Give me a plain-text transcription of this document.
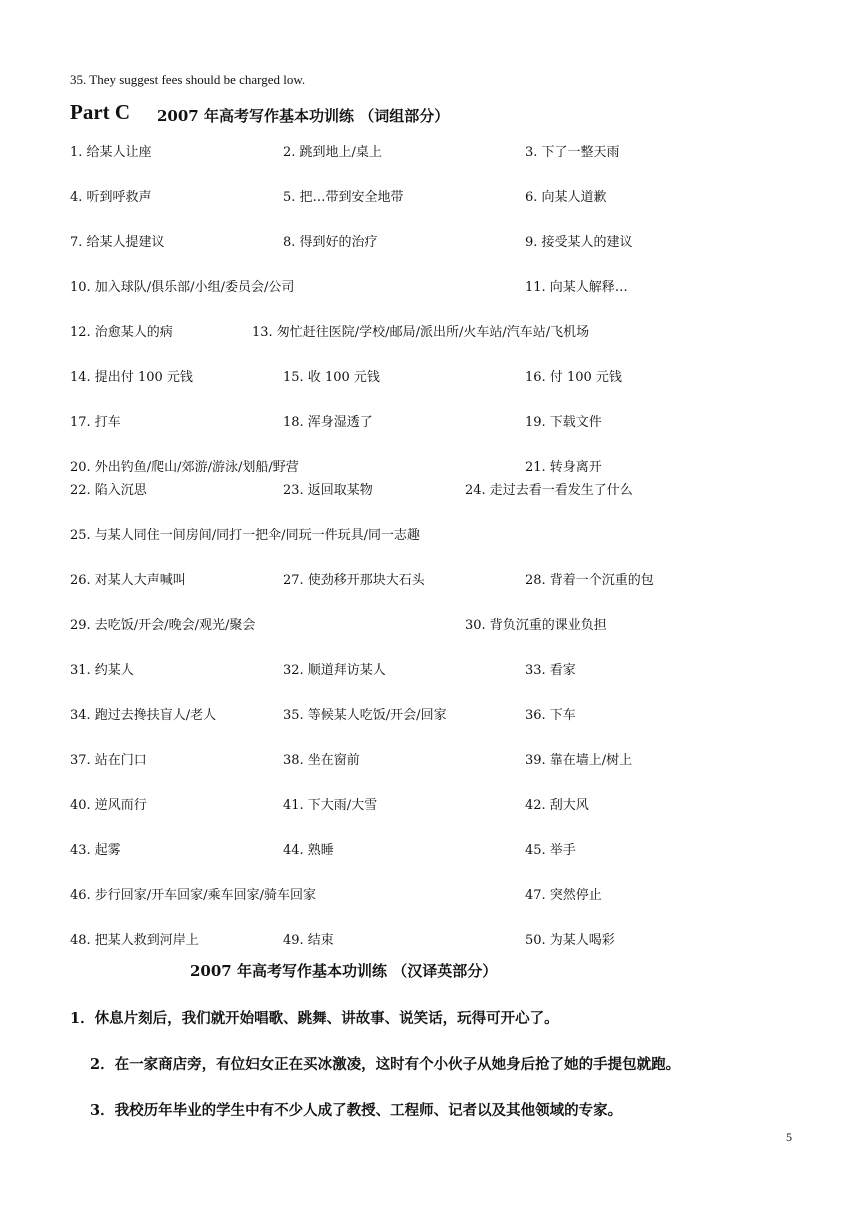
35. They suggest fees should be charged low.
Part C 2007 年高考写作基本功训练 （词组部分）
1. 给某人让座	2. 跳到地上/桌上	3. 下了一整天雨
4. 听到呼救声	5. 把…带到安全地带	6. 向某人道歉
7. 给某人提建议	8. 得到好的治疗	9. 接受某人的建议
10. 加入球队/俱乐部/小组/委员会/公司	11. 向某人解释…
12. 治愈某人的病	13. 匆忙赶往医院/学校/邮局/派出所/火车站/汽车站/飞机场
14. 提出付 100 元钱	15. 收 100 元钱	16. 付 100 元钱
17. 打车	18. 浑身湿透了	19. 下载文件
20. 外出钓鱼/爬山/郊游/游泳/划船/野营	21. 转身离开
22. 陷入沉思	23. 返回取某物	24. 走过去看一看发生了什么
25. 与某人同住一间房间/同打一把伞/同玩一件玩具/同一志趣
26. 对某人大声喊叫	27. 使劲移开那块大石头	28. 背着一个沉重的包
29. 去吃饭/开会/晚会/观光/聚会	30. 背负沉重的课业负担
31. 约某人	32. 顺道拜访某人	33. 看家
34. 跑过去搀扶盲人/老人	35. 等候某人吃饭/开会/回家	36. 下车
37. 站在门口	38. 坐在窗前	39. 靠在墙上/树上
40. 逆风而行	41. 下大雨/大雪	42. 刮大风
43. 起雾	44. 熟睡	45. 举手
46. 步行回家/开车回家/乘车回家/骑车回家	47. 突然停止
48. 把某人救到河岸上	49. 结束	50. 为某人喝彩
2007 年高考写作基本功训练 （汉译英部分）
1．休息片刻后，我们就开始唱歌、跳舞、讲故事、说笑话，玩得可开心了。
2．在一家商店旁，有位妇女正在买冰激凌，这时有个小伙子从她身后抢了她的手提包就跑。
3．我校历年毕业的学生中有不少人成了教授、工程师、记者以及其他领域的专家。
5
